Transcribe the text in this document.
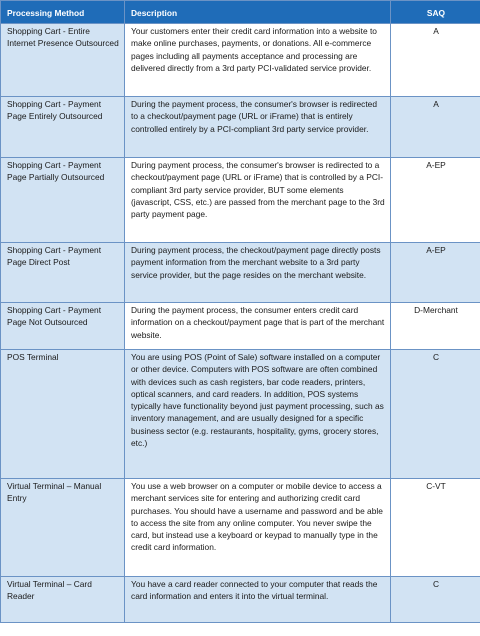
Processing Method	Description	SAQ
Shopping Cart - Entire Internet Presence Outsourced	Your customers enter their credit card information into a website to make online purchases, payments, or donations. All e-commerce pages including all payments acceptance and processing are delivered directly from a 3rd party PCI-validated service provider.	A
Shopping Cart - Payment Page Entirely Outsourced	During the payment process, the consumer's browser is redirected to a checkout/payment page (URL or iFrame) that is entirely controlled entirely by a PCI-compliant 3rd party service provider.	A
Shopping Cart - Payment Page Partially Outsourced	During payment process, the consumer's browser is redirected to a checkout/payment page (URL or iFrame) that is controlled by a PCI-compliant 3rd party service provider, BUT some elements (javascript, CSS, etc.) are passed from the merchant page to the 3rd party payment page.	A-EP
Shopping Cart - Payment Page Direct Post	During payment process, the checkout/payment page directly posts payment information from the merchant website to a 3rd party service provider, but the page resides on the merchant website.	A-EP
Shopping Cart - Payment Page Not Outsourced	During the payment process, the consumer enters credit card information on a checkout/payment page that is part of the merchant website.	D-Merchant
POS Terminal	You are using POS (Point of Sale) software installed on a computer or other device. Computers with POS software are often combined with devices such as cash registers, bar code readers, printers, optical scanners, and card readers. In addition, POS systems typically have functionality beyond just payment processing, such as inventory management, and are usually designed for a specific business sector (e.g. restaurants, hospitality, gyms, grocery stores, etc.)	C
Virtual Terminal – Manual Entry	You use a web browser on a computer or mobile device to access a merchant services site for entering and authorizing credit card purchases. You should have a username and password and be able to access the site from any online computer. You never swipe the card, but instead use a keyboard or keypad to manually type in the credit card information.	C-VT
Virtual Terminal – Card Reader	You have a card reader connected to your computer that reads the card information and enters it into the virtual terminal.	C
